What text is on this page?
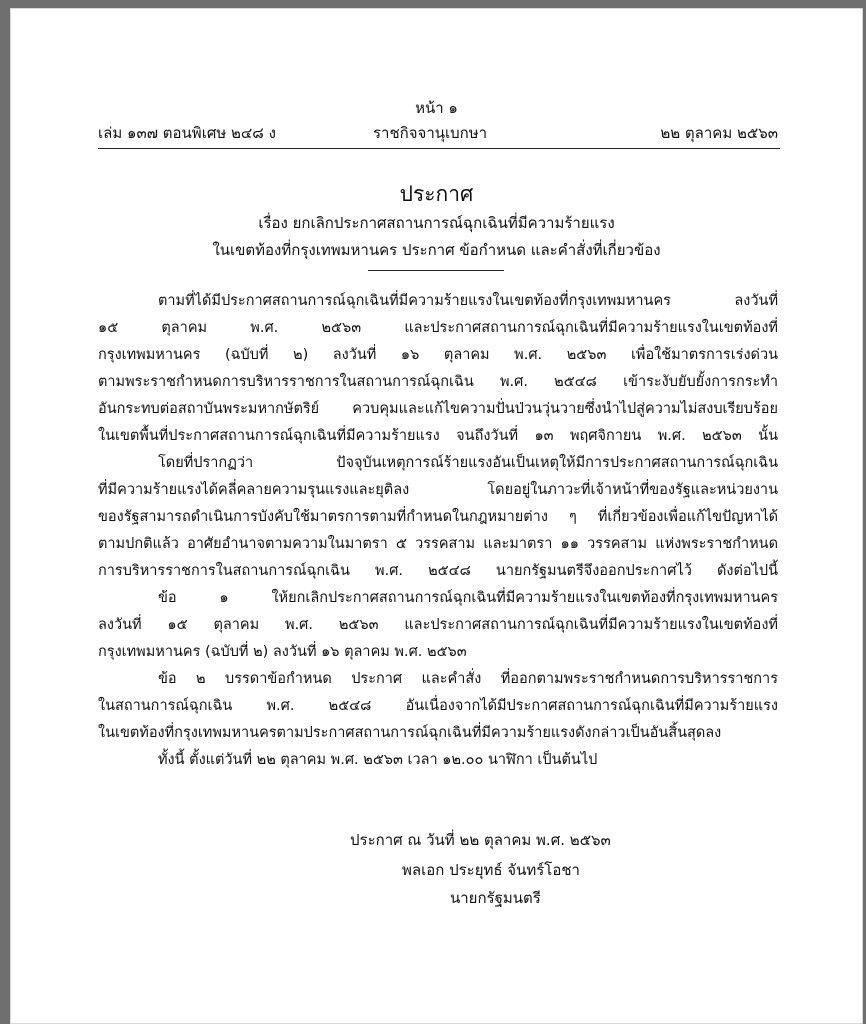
หน้า ๑
เล่ม ๑๓๗ ตอนพิเศษ ๒๔๘ ง	ราชกิจจานุเบกษา	๒๒ ตุลาคม ๒๕๖๓
ประกาศ
เรื่อง ยกเลิกประกาศสถานการณ์ฉุกเฉินที่มีความร้ายแรง
ในเขตท้องที่กรุงเทพมหานคร ประกาศ ข้อกำหนด และคำสั่งที่เกี่ยวข้อง
ตามที่ได้มีประกาศสถานการณ์ฉุกเฉินที่มีความร้ายแรงในเขตท้องที่กรุงเทพมหานคร ลงวันที่
๑๕ ตุลาคม พ.ศ. ๒๕๖๓ และประกาศสถานการณ์ฉุกเฉินที่มีความร้ายแรงในเขตท้องที่
กรุงเทพมหานคร (ฉบับที่ ๒) ลงวันที่ ๑๖ ตุลาคม พ.ศ. ๒๕๖๓ เพื่อใช้มาตรการเร่งด่วน
ตามพระราชกำหนดการบริหารราชการในสถานการณ์ฉุกเฉิน พ.ศ. ๒๕๔๘ เข้าระงับยับยั้งการกระทำ
อันกระทบต่อสถาบันพระมหากษัตริย์ ควบคุมและแก้ไขความปั่นป่วนวุ่นวายซึ่งนำไปสู่ความไม่สงบเรียบร้อย
ในเขตพื้นที่ประกาศสถานการณ์ฉุกเฉินที่มีความร้ายแรง จนถึงวันที่ ๑๓ พฤศจิกายน พ.ศ. ๒๕๖๓ นั้น
โดยที่ปรากฏว่า ปัจจุบันเหตุการณ์ร้ายแรงอันเป็นเหตุให้มีการประกาศสถานการณ์ฉุกเฉิน
ที่มีความร้ายแรงได้คลี่คลายความรุนแรงและยุติลง โดยอยู่ในภาวะที่เจ้าหน้าที่ของรัฐและหน่วยงาน
ของรัฐสามารถดำเนินการบังคับใช้มาตรการตามที่กำหนดในกฎหมายต่าง ๆ ที่เกี่ยวข้องเพื่อแก้ไขปัญหาได้
ตามปกติแล้ว อาศัยอำนาจตามความในมาตรา ๕ วรรคสาม และมาตรา ๑๑ วรรคสาม แห่งพระราชกำหนด
การบริหารราชการในสถานการณ์ฉุกเฉิน พ.ศ. ๒๕๔๘ นายกรัฐมนตรีจึงออกประกาศไว้ ดังต่อไปนี้
ข้อ ๑ ให้ยกเลิกประกาศสถานการณ์ฉุกเฉินที่มีความร้ายแรงในเขตท้องที่กรุงเทพมหานคร
ลงวันที่ ๑๕ ตุลาคม พ.ศ. ๒๕๖๓ และประกาศสถานการณ์ฉุกเฉินที่มีความร้ายแรงในเขตท้องที่
กรุงเทพมหานคร (ฉบับที่ ๒) ลงวันที่ ๑๖ ตุลาคม พ.ศ. ๒๕๖๓
ข้อ ๒ บรรดาข้อกำหนด ประกาศ และคำสั่ง ที่ออกตามพระราชกำหนดการบริหารราชการ
ในสถานการณ์ฉุกเฉิน พ.ศ. ๒๕๔๘ อันเนื่องจากได้มีประกาศสถานการณ์ฉุกเฉินที่มีความร้ายแรง
ในเขตท้องที่กรุงเทพมหานครตามประกาศสถานการณ์ฉุกเฉินที่มีความร้ายแรงดังกล่าวเป็นอันสิ้นสุดลง
ทั้งนี้ ตั้งแต่วันที่ ๒๒ ตุลาคม พ.ศ. ๒๕๖๓ เวลา ๑๒.๐๐ นาฬิกา เป็นต้นไป
ประกาศ ณ วันที่ ๒๒ ตุลาคม พ.ศ. ๒๕๖๓
พลเอก ประยุทธ์ จันทร์โอชา
นายกรัฐมนตรี
